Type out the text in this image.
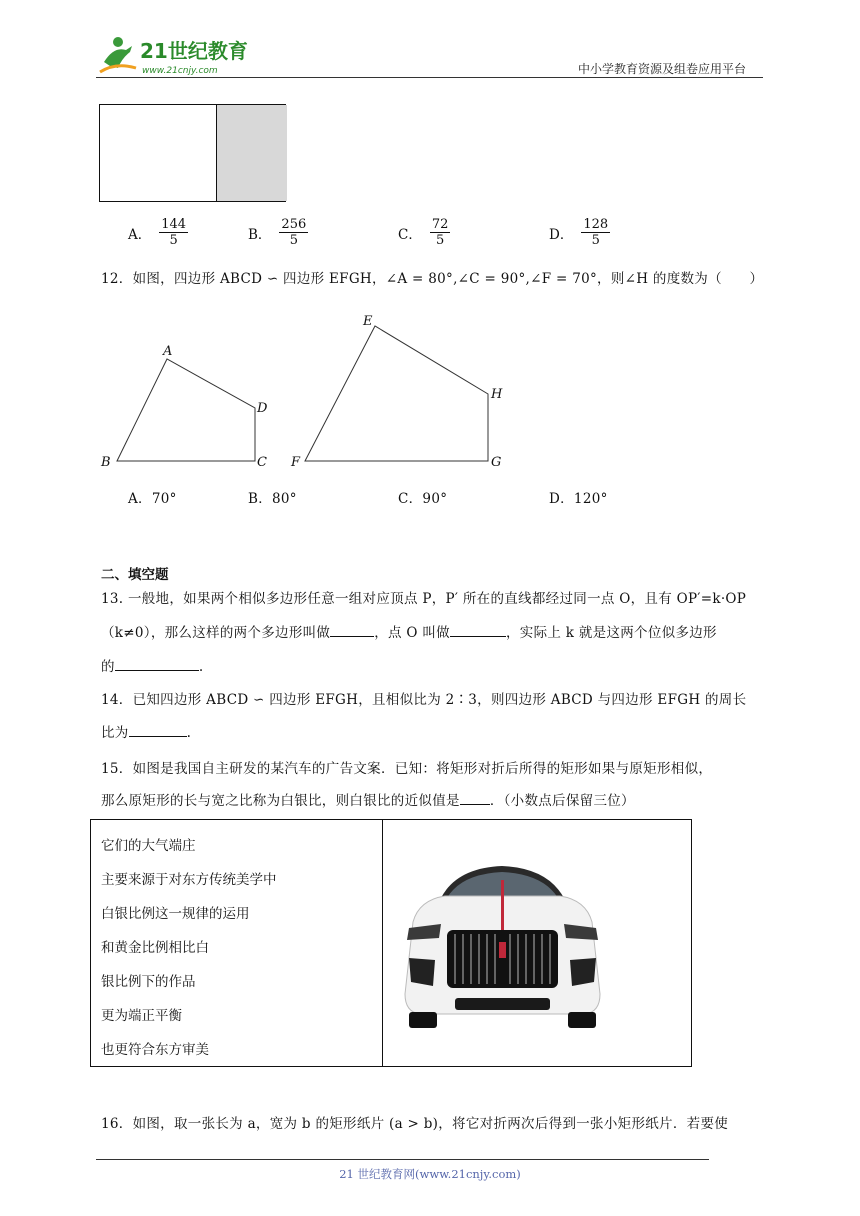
21世纪教育
www.21cnjy.com	中小学教育资源及组卷应用平台
A． $\frac{144}{5}$	B． $\frac{256}{5}$	C． $\frac{72}{5}$	D． $\frac{128}{5}$
12．如图，四边形 ABCD ∽ 四边形 EFGH，∠A = 80°,∠C = 90°,∠F = 70°，则∠H 的度数为（　　）
A
B	C
D
E
F	G
H
A．70°	B．80°	C．90°	D．120°
二、填空题
13. 一般地，如果两个相似多边形任意一组对应顶点 P，P′ 所在的直线都经过同一点 O，且有 OP′=k·OP
（k≠0），那么这样的两个多边形叫做	，点 O 叫做	，实际上 k 就是这两个位似多边形
的	.
14．已知四边形 ABCD ∽ 四边形 EFGH，且相似比为 2∶3，则四边形 ABCD 与四边形 EFGH 的周长
比为	.
15．如图是我国自主研发的某汽车的广告文案．已知：将矩形对折后所得的矩形如果与原矩形相似，
那么原矩形的长与宽之比称为白银比，则白银比的近似值是 ．（小数点后保留三位）
它们的大气端庄
主要来源于对东方传统美学中
白银比例这一规律的运用
和黄金比例相比白
银比例下的作品
更为端正平衡
也更符合东方审美
16．如图，取一张长为 a，宽为 b 的矩形纸片 (a > b)，将它对折两次后得到一张小矩形纸片．若要使
21 世纪教育网(www.21cnjy.com)
